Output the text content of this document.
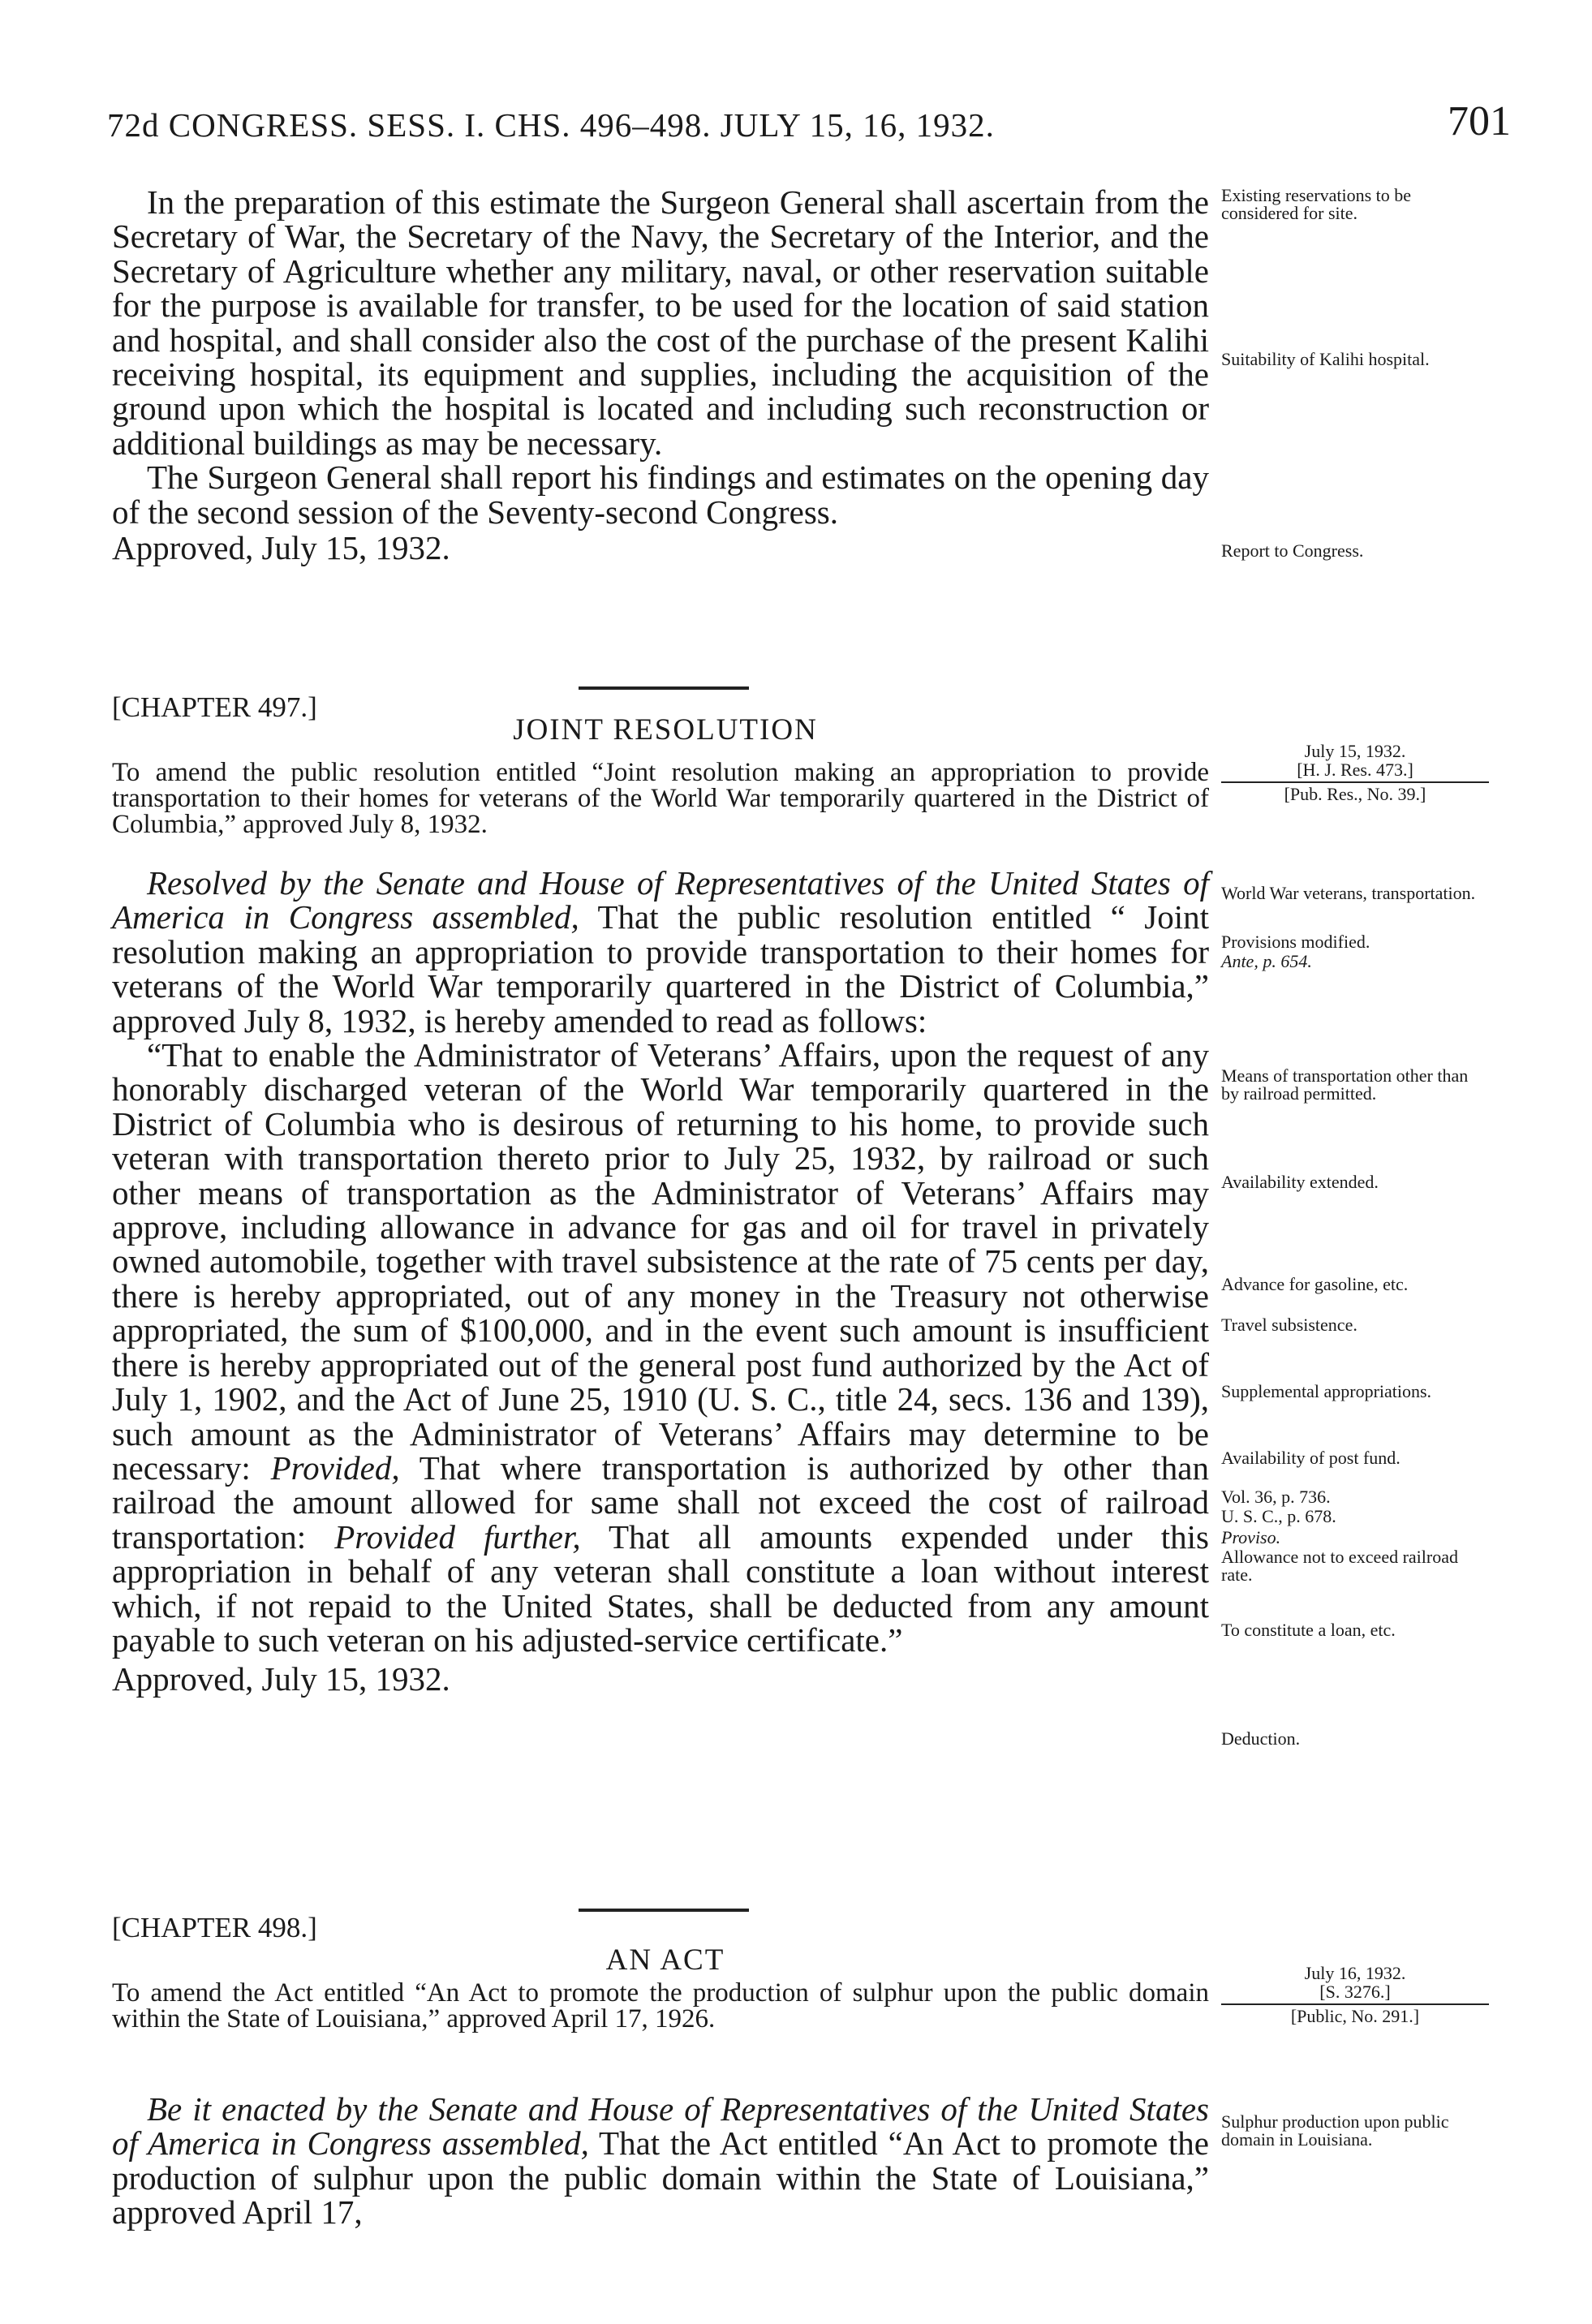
72d CONGRESS. SESS. I. CHS. 496–498. JULY 15, 16, 1932.	701

In the preparation of this estimate the Surgeon General shall ascertain from the Secretary of War, the Secretary of the Navy, the Secretary of the Interior, and the Secretary of Agriculture whether any military, naval, or other reservation suitable for the purpose is available for transfer, to be used for the location of said station and hospital, and shall consider also the cost of the purchase of the present Kalihi receiving hospital, its equipment and supplies, including the acquisition of the ground upon which the hospital is located and including such reconstruction or additional buildings as may be necessary.

The Surgeon General shall report his findings and estimates on the opening day of the second session of the Seventy-second Congress.

Approved, July 15, 1932.

Existing reservations to be considered for site.
Suitability of Kalihi hospital.
Report to Congress.
[CHAPTER 497.]
JOINT RESOLUTION
To amend the public resolution entitled “Joint resolution making an appropriation to provide transportation to their homes for veterans of the World War temporarily quartered in the District of Columbia,” approved July 8, 1932.
July 15, 1932.
[H. J. Res. 473.]
[Pub. Res., No. 39.]

Resolved by the Senate and House of Representatives of the United States of America in Congress assembled, That the public resolution entitled “ Joint resolution making an appropriation to provide transportation to their homes for veterans of the World War temporarily quartered in the District of Columbia,” approved July 8, 1932, is hereby amended to read as follows:

“That to enable the Administrator of Veterans’ Affairs, upon the request of any honorably discharged veteran of the World War temporarily quartered in the District of Columbia who is desirous of returning to his home, to provide such veteran with transportation thereto prior to July 25, 1932, by railroad or such other means of transportation as the Administrator of Veterans’ Affairs may approve, including allowance in advance for gas and oil for travel in privately owned automobile, together with travel subsistence at the rate of 75 cents per day, there is hereby appropriated, out of any money in the Treasury not otherwise appropriated, the sum of $100,000, and in the event such amount is insufficient there is hereby appropriated out of the general post fund authorized by the Act of July 1, 1902, and the Act of June 25, 1910 (U. S. C., title 24, secs. 136 and 139), such amount as the Administrator of Veterans’ Affairs may determine to be necessary: Provided, That where transportation is authorized by other than railroad the amount allowed for same shall not exceed the cost of railroad transportation: Provided further, That all amounts expended under this appropriation in behalf of any veteran shall constitute a loan without interest which, if not repaid to the United States, shall be deducted from any amount payable to such veteran on his adjusted-service certificate.”

Approved, July 15, 1932.

World War veterans, transportation.
Provisions modified.
Ante, p. 654.
Means of transportation other than by railroad permitted.
Availability extended.
Advance for gasoline, etc.
Travel subsistence.
Supplemental appropriations.
Availability of post fund.
Vol. 36, p. 736.
U. S. C., p. 678.
Proviso.
Allowance not to exceed railroad rate.
To constitute a loan, etc.
Deduction.
[CHAPTER 498.]
AN ACT
To amend the Act entitled “An Act to promote the production of sulphur upon the public domain within the State of Louisiana,” approved April 17, 1926.
July 16, 1932.
[S. 3276.]
[Public, No. 291.]

Be it enacted by the Senate and House of Representatives of the United States of America in Congress assembled, That the Act entitled “An Act to promote the production of sulphur upon the public domain within the State of Louisiana,” approved April 17,

Sulphur production upon public domain in Louisiana.
